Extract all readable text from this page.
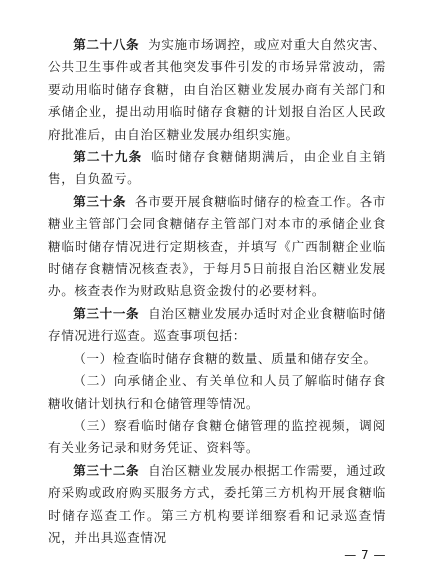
第二十八条 为实施市场调控，或应对重大自然灾害、公共卫生事件或者其他突发事件引发的市场异常波动，需要动用临时储存食糖，由自治区糖业发展办商有关部门和承储企业，提出动用临时储存食糖的计划报自治区人民政府批准后，由自治区糖业发展办组织实施。

第二十九条 临时储存食糖储期满后，由企业自主销售，自负盈亏。

第三十条 各市要开展食糖临时储存的检查工作。各市糖业主管部门会同食糖储存主管部门对本市的承储企业食糖临时储存情况进行定期核查，并填写《广西制糖企业临时储存食糖情况核查表》，于每月5日前报自治区糖业发展办。核查表作为财政贴息资金拨付的必要材料。

第三十一条 自治区糖业发展办适时对企业食糖临时储存情况进行巡查。巡查事项包括：

（一）检查临时储存食糖的数量、质量和储存安全。

（二）向承储企业、有关单位和人员了解临时储存食糖收储计划执行和仓储管理等情况。

（三）察看临时储存食糖仓储管理的监控视频，调阅有关业务记录和财务凭证、资料等。

第三十二条 自治区糖业发展办根据工作需要，通过政府采购或政府购买服务方式，委托第三方机构开展食糖临时储存巡查工作。第三方机构要详细察看和记录巡查情况，并出具巡查情况

— 7 —
